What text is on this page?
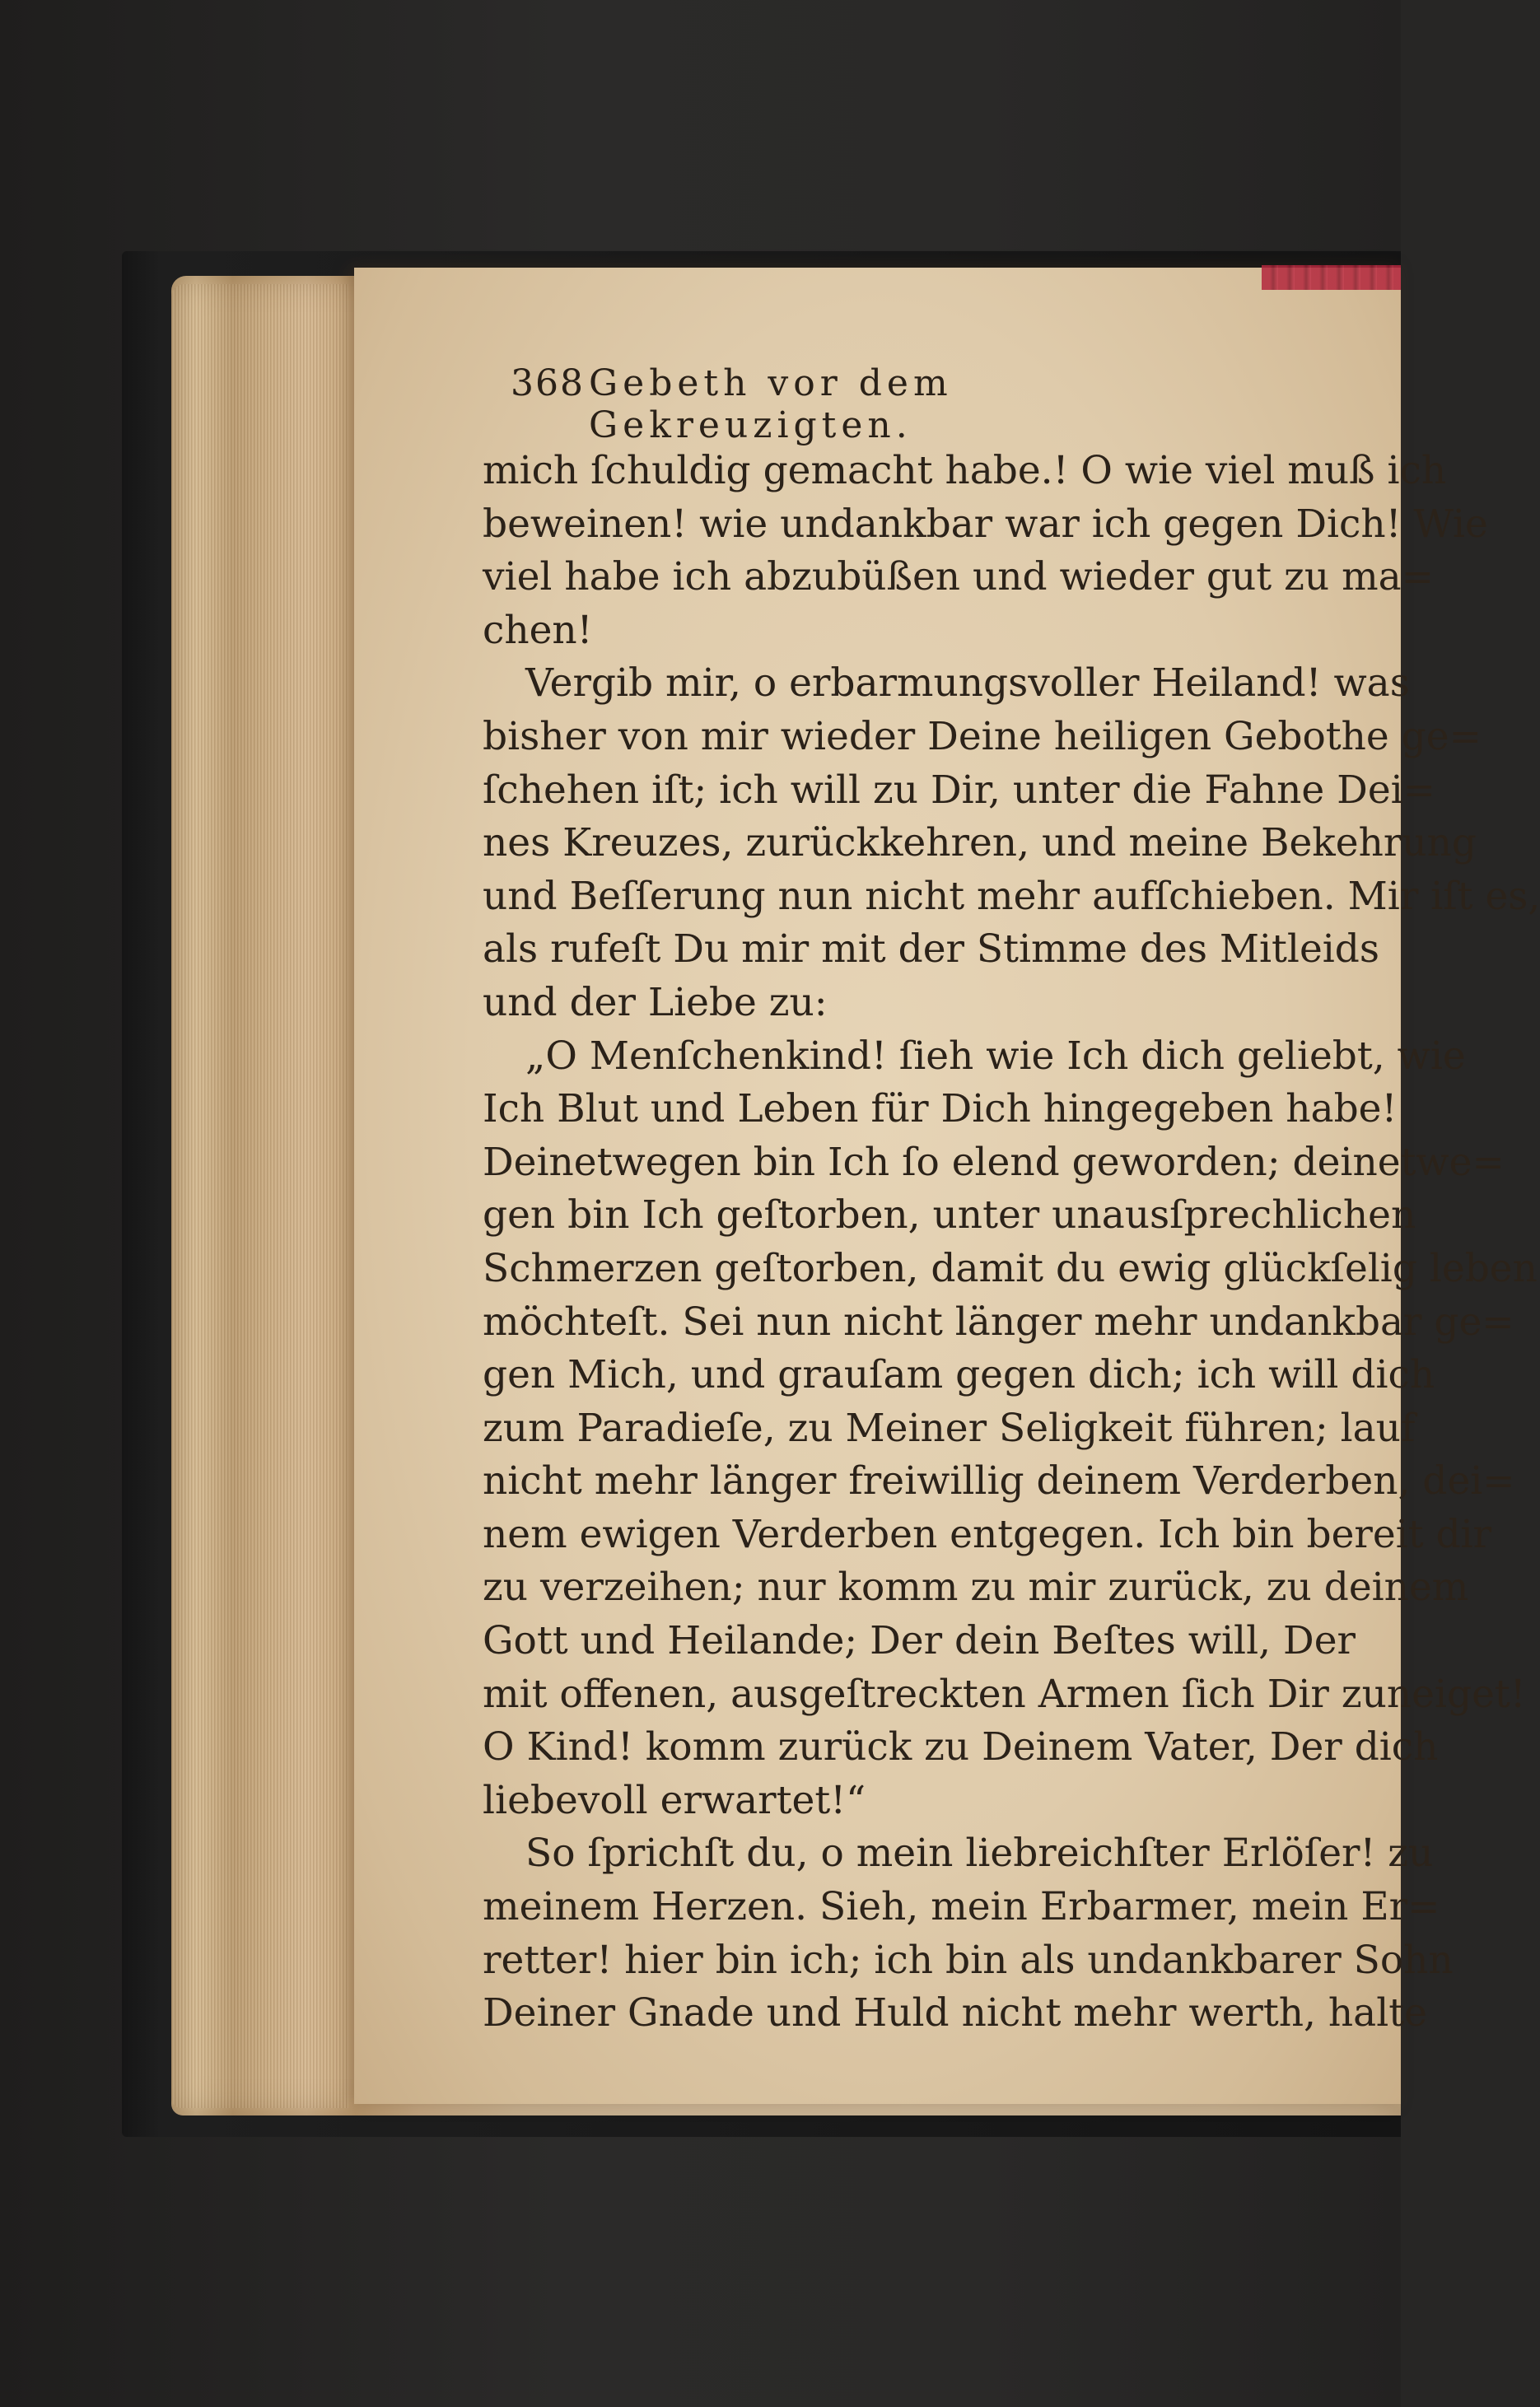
368 Gebeth vor dem Gekreuzigten.
mich ſchuldig gemacht habe.! O wie viel muß ich
beweinen! wie undankbar war ich gegen Dich! Wie
viel habe ich abzubüßen und wieder gut zu ma=
chen!
Vergib mir, o erbarmungsvoller Heiland! was
bisher von mir wieder Deine heiligen Gebothe ge=
ſchehen iſt; ich will zu Dir, unter die Fahne Dei=
nes Kreuzes, zurückkehren, und meine Bekehrung
und Beſſerung nun nicht mehr aufſchieben. Mir iſt es,
als rufeſt Du mir mit der Stimme des Mitleids
und der Liebe zu:
„O Menſchenkind! ſieh wie Ich dich geliebt, wie
Ich Blut und Leben für Dich hingegeben habe!
Deinetwegen bin Ich ſo elend geworden; deinetwe=
gen bin Ich geſtorben, unter unausſprechlichen
Schmerzen geſtorben, damit du ewig glückſelig leben
möchteſt. Sei nun nicht länger mehr undankbar ge=
gen Mich, und grauſam gegen dich; ich will dich
zum Paradieſe, zu Meiner Seligkeit führen; lauf
nicht mehr länger freiwillig deinem Verderben, dei=
nem ewigen Verderben entgegen. Ich bin bereit dir
zu verzeihen; nur komm zu mir zurück, zu deinem
Gott und Heilande; Der dein Beſtes will, Der
mit offenen, ausgeſtreckten Armen ſich Dir zuneiget!
O Kind! komm zurück zu Deinem Vater, Der dich
liebevoll erwartet!“
So ſprichſt du, o mein liebreichſter Erlöſer! zu
meinem Herzen. Sieh, mein Erbarmer, mein Er=
retter! hier bin ich; ich bin als undankbarer Sohn
Deiner Gnade und Huld nicht mehr werth, halte
